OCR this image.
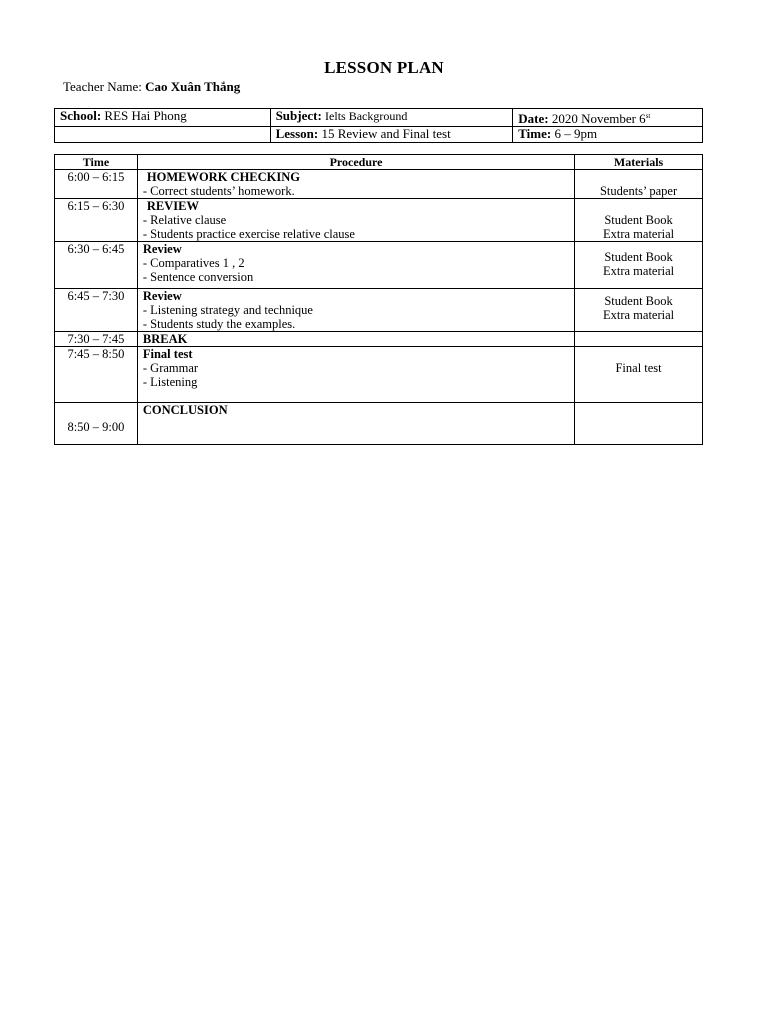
LESSON PLAN
Teacher Name: Cao Xuân Thắng
School: RES Hai Phong	Subject: Ielts Background	Date: 2020 November 6st
	Lesson: 15 Review and Final test	Time: 6 – 9pm
Time	Procedure	Materials
6:00 – 6:15	HOMEWORK CHECKING
- Correct students’ homework.	Students’ paper

6:15 – 6:30	REVIEW
- Relative clause
- Students practice exercise relative clause	Student Book
Extra material

6:30 – 6:45	Review
- Comparatives 1 , 2
- Sentence conversion	Student Book
Extra material

6:45 – 7:30	Review
- Listening strategy and technique
- Students study the examples.	Student Book
Extra material

7:30 – 7:45	BREAK	

7:45 – 8:50	Final test
- Grammar
- Listening	Final test

8:50 – 9:00	CONCLUSION	
